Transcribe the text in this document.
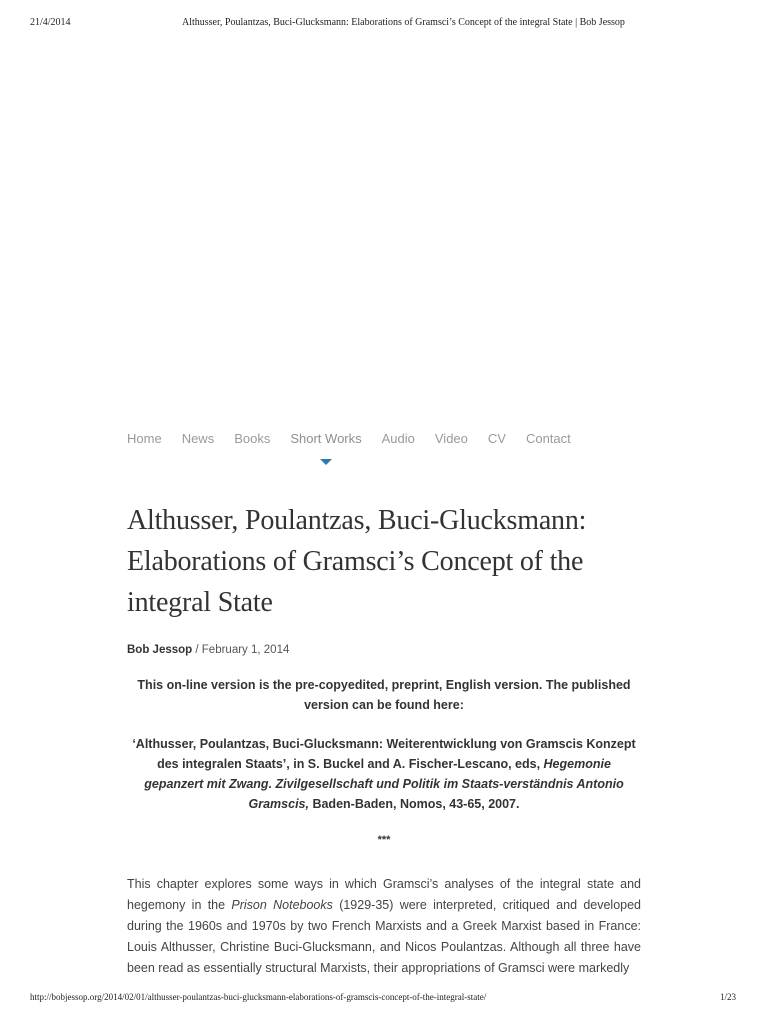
21/4/2014	Althusser, Poulantzas, Buci-Glucksmann: Elaborations of Gramsci’s Concept of the integral State | Bob Jessop
Home News Books Short Works Audio Video CV Contact
Althusser, Poulantzas, Buci-Glucksmann: Elaborations of Gramsci’s Concept of the integral State
Bob Jessop / February 1, 2014

This on-line version is the pre-copyedited, preprint, English version. The published version can be found here:

‘Althusser, Poulantzas, Buci-Glucksmann: Weiterentwicklung von Gramscis Konzept des integralen Staats’, in S. Buckel and A. Fischer-Lescano, eds, Hegemonie gepanzert mit Zwang. Zivilgesellschaft und Politik im Staats-verständnis Antonio Gramscis, Baden-Baden, Nomos, 43-65, 2007.

***

This chapter explores some ways in which Gramsci’s analyses of the integral state and hegemony in the Prison Notebooks (1929-35) were interpreted, critiqued and developed during the 1960s and 1970s by two French Marxists and a Greek Marxist based in France: Louis Althusser, Christine Buci-Glucksmann, and Nicos Poulantzas. Although all three have been read as essentially structural Marxists, their appropriations of Gramsci were markedly

http://bobjessop.org/2014/02/01/althusser-poulantzas-buci-glucksmann-elaborations-of-gramscis-concept-of-the-integral-state/	1/23
